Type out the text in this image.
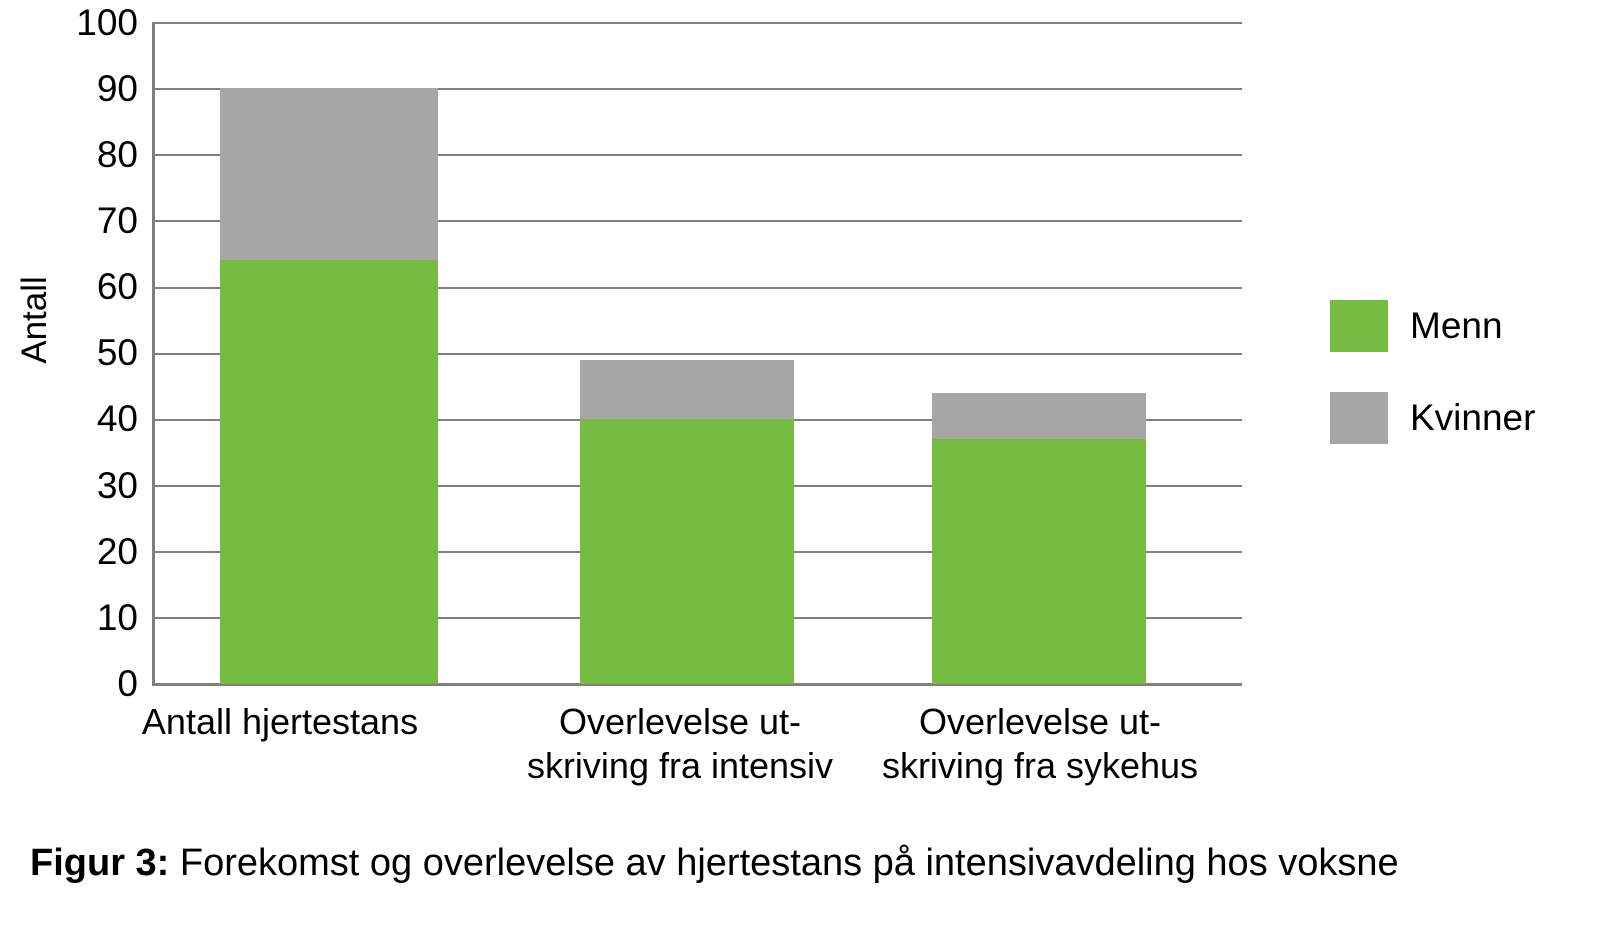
100
90
80
70
60
50
40
30
20
10
0
Antall
Antall hjertestans	Overlevelse ut-
skriving fra intensiv
Overlevelse ut-
skriving fra sykehus
Menn
Kvinner
Figur 3: Forekomst og overlevelse av hjertestans på intensivavdeling hos voksne
